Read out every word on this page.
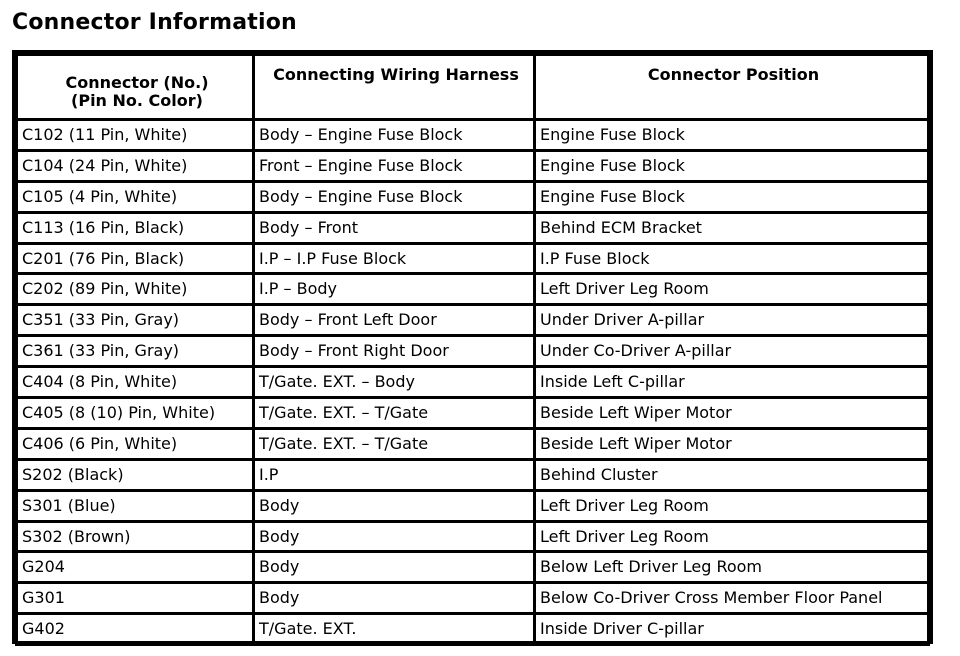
Connector Information
Connector (No.)
(Pin No. Color)	Connecting Wiring Harness	Connector Position
C102 (11 Pin, White)	Body – Engine Fuse Block	Engine Fuse Block
C104 (24 Pin, White)	Front – Engine Fuse Block	Engine Fuse Block
C105 (4 Pin, White)	Body – Engine Fuse Block	Engine Fuse Block
C113 (16 Pin, Black)	Body – Front	Behind ECM Bracket
C201 (76 Pin, Black)	I.P – I.P Fuse Block	I.P Fuse Block
C202 (89 Pin, White)	I.P – Body	Left Driver Leg Room
C351 (33 Pin, Gray)	Body – Front Left Door	Under Driver A-pillar
C361 (33 Pin, Gray)	Body – Front Right Door	Under Co-Driver A-pillar
C404 (8 Pin, White)	T/Gate. EXT. – Body	Inside Left C-pillar
C405 (8 (10) Pin, White)	T/Gate. EXT. – T/Gate	Beside Left Wiper Motor
C406 (6 Pin, White)	T/Gate. EXT. – T/Gate	Beside Left Wiper Motor
S202 (Black)	I.P	Behind Cluster
S301 (Blue)	Body	Left Driver Leg Room
S302 (Brown)	Body	Left Driver Leg Room
G204	Body	Below Left Driver Leg Room
G301	Body	Below Co-Driver Cross Member Floor Panel
G402	T/Gate. EXT.	Inside Driver C-pillar
